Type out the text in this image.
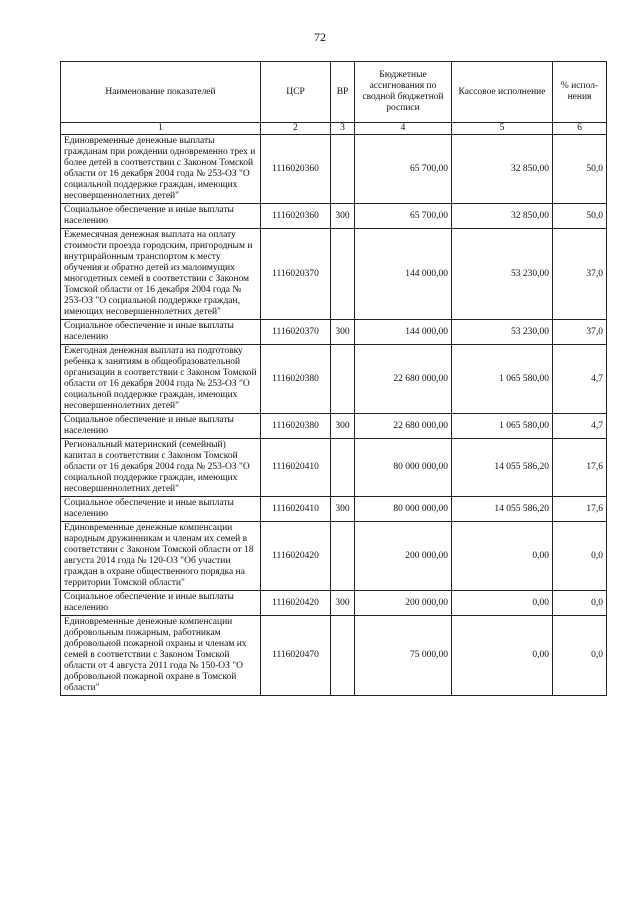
72
Наименование показателей	ЦСР	ВР	Бюджетные ассигнования по сводной бюджетной росписи	Кассовое исполнение	% испол-нения
1	2	3	4	5	6
Единовременные денежные выплаты гражданам при рождении одновременно трех и более детей в соответствии с Законом Томской области от 16 декабря 2004 года № 253-ОЗ "О социальной поддержке граждан, имеющих несовершеннолетних детей"	1116020360		65 700,00	32 850,00	50,0
Социальное обеспечение и иные выплаты населению	1116020360	300	65 700,00	32 850,00	50,0
Ежемесячная денежная выплата на оплату стоимости проезда городским, пригородным и внутрирайонным транспортом к месту обучения и обратно детей из малоимущих многодетных семей в соответствии с Законом Томской области от 16 декабря 2004 года № 253-ОЗ "О социальной поддержке граждан, имеющих несовершеннолетних детей"	1116020370		144 000,00	53 230,00	37,0
Социальное обеспечение и иные выплаты населению	1116020370	300	144 000,00	53 230,00	37,0
Ежегодная денежная выплата на подготовку ребенка к занятиям в общеобразовательной организации в соответствии с Законом Томской области от 16 декабря 2004 года № 253-ОЗ "О социальной поддержке граждан, имеющих несовершеннолетних детей"	1116020380		22 680 000,00	1 065 580,00	4,7
Социальное обеспечение и иные выплаты населению	1116020380	300	22 680 000,00	1 065 580,00	4,7
Региональный материнский (семейный) капитал в соответствии с Законом Томской области от 16 декабря 2004 года № 253-ОЗ "О социальной поддержке граждан, имеющих несовершеннолетних детей"	1116020410		80 000 000,00	14 055 586,20	17,6
Социальное обеспечение и иные выплаты населению	1116020410	300	80 000 000,00	14 055 586,20	17,6
Единовременные денежные компенсации народным дружинникам и членам их семей в соответствии с Законом Томской области от 18 августа 2014 года № 120-ОЗ "Об участии граждан в охране общественного порядка на территории Томской области"	1116020420		200 000,00	0,00	0,0
Социальное обеспечение и иные выплаты населению	1116020420	300	200 000,00	0,00	0,0
Единовременные денежные компенсации добровольным пожарным, работникам добровольной пожарной охраны и членам их семей в соответствии с Законом Томской области от 4 августа 2011 года № 150-ОЗ "О добровольной пожарной охране в Томской области"	1116020470		75 000,00	0,00	0,0
